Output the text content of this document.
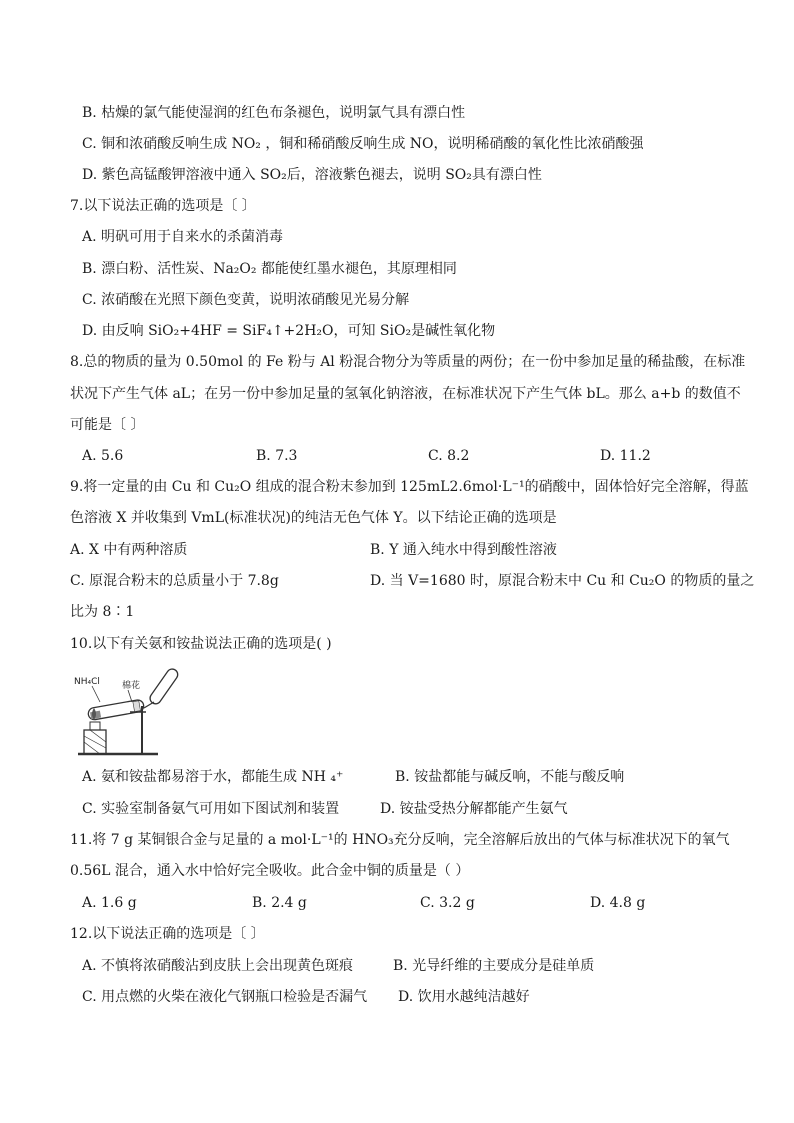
B. 枯燥的氯气能使湿润的红色布条褪色，说明氯气具有漂白性
C. 铜和浓硝酸反响生成 NO₂ ，铜和稀硝酸反响生成 NO，说明稀硝酸的氧化性比浓硝酸强
D. 紫色高锰酸钾溶液中通入 SO₂后，溶液紫色褪去，说明 SO₂具有漂白性
7.以下说法正确的选项是〔 〕
A. 明矾可用于自来水的杀菌消毒
B. 漂白粉、活性炭、Na₂O₂ 都能使红墨水褪色，其原理相同
C. 浓硝酸在光照下颜色变黄，说明浓硝酸见光易分解
D. 由反响 SiO₂+4HF = SiF₄↑+2H₂O，可知 SiO₂是碱性氧化物
8.总的物质的量为 0.50mol 的 Fe 粉与 Al 粉混合物分为等质量的两份；在一份中参加足量的稀盐酸，在标准
状况下产生气体 aL；在另一份中参加足量的氢氧化钠溶液，在标准状况下产生气体 bL。那么 a+b 的数值不
可能是〔 〕
A. 5.6	B. 7.3	C. 8.2	D. 11.2
9.将一定量的由 Cu 和 Cu₂O 组成的混合粉末参加到 125mL2.6mol·L⁻¹的硝酸中，固体恰好完全溶解，得蓝
色溶液 X 并收集到 VmL(标准状况)的纯洁无色气体 Y。以下结论正确的选项是
A. X 中有两种溶质	B. Y 通入纯水中得到酸性溶液
C. 原混合粉末的总质量小于 7.8g	D. 当 V=1680 时，原混合粉末中 Cu 和 Cu₂O 的物质的量之
比为 8∶1
10.以下有关氨和铵盐说法正确的选项是( )
NH₄Cl 棉花
A. 氨和铵盐都易溶于水，都能生成 NH ₄⁺	B. 铵盐都能与碱反响，不能与酸反响
C. 实验室制备氨气可用如下图试剂和装置	D. 铵盐受热分解都能产生氨气
11.将 7 g 某铜银合金与足量的 a mol·L⁻¹的 HNO₃充分反响，完全溶解后放出的气体与标准状况下的氧气
0.56L 混合，通入水中恰好完全吸收。此合金中铜的质量是（ ）
A. 1.6 g	B. 2.4 g	C. 3.2 g	D. 4.8 g
12.以下说法正确的选项是〔 〕
A. 不慎将浓硝酸沾到皮肤上会出现黄色斑痕	B. 光导纤维的主要成分是硅单质
C. 用点燃的火柴在液化气钢瓶口检验是否漏气 D. 饮用水越纯洁越好
